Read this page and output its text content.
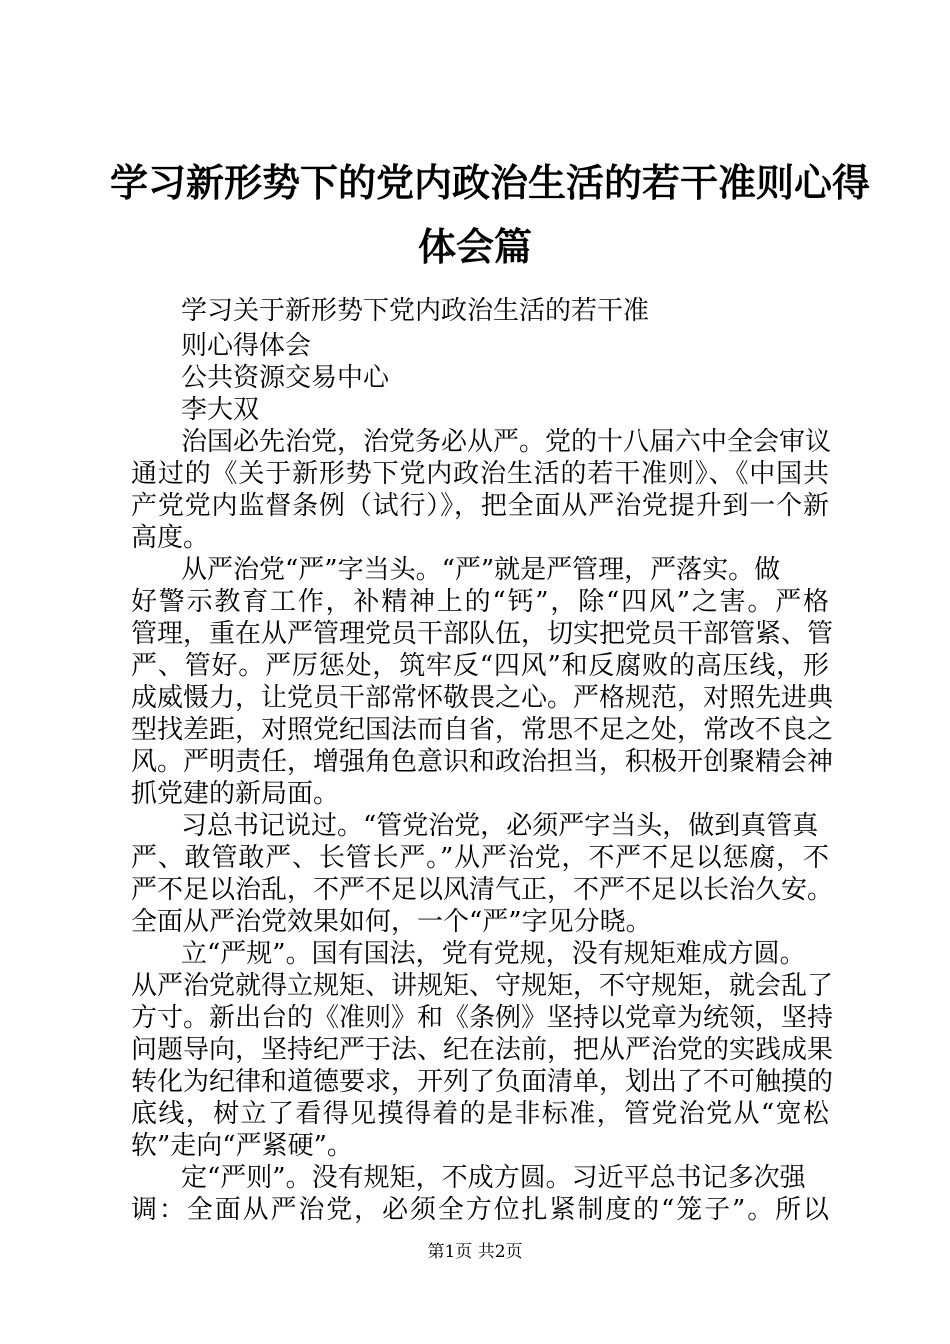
学习新形势下的党内政治生活的若干准则心得
体会篇
学习关于新形势下党内政治生活的若干准
则心得体会
公共资源交易中心
李大双
治国必先治党，治党务必从严。党的十八届六中全会审议
通过的《关于新形势下党内政治生活的若干准则》、《中国共
产党党内监督条例（试行）》，把全面从严治党提升到一个新
高度。
从严治党“严”字当头。“严”就是严管理，严落实。做
好警示教育工作，补精神上的“钙”，除“四风”之害。严格
管理，重在从严管理党员干部队伍，切实把党员干部管紧、管
严、管好。严厉惩处，筑牢反“四风”和反腐败的高压线，形
成威慑力，让党员干部常怀敬畏之心。严格规范，对照先进典
型找差距，对照党纪国法而自省，常思不足之处，常改不良之
风。严明责任，增强角色意识和政治担当，积极开创聚精会神
抓党建的新局面。
习总书记说过。“管党治党，必须严字当头，做到真管真
严、敢管敢严、长管长严。”从严治党，不严不足以惩腐，不
严不足以治乱，不严不足以风清气正，不严不足以长治久安。
全面从严治党效果如何，一个“严”字见分晓。
立“严规”。国有国法，党有党规，没有规矩难成方圆。
从严治党就得立规矩、讲规矩、守规矩，不守规矩，就会乱了
方寸。新出台的《准则》和《条例》坚持以党章为统领，坚持
问题导向，坚持纪严于法、纪在法前，把从严治党的实践成果
转化为纪律和道德要求，开列了负面清单，划出了不可触摸的
底线，树立了看得见摸得着的是非标准，管党治党从“宽松
软”走向“严紧硬”。
定“严则”。没有规矩，不成方圆。习近平总书记多次强
调：全面从严治党，必须全方位扎紧制度的“笼子”。所以
第1页 共2页
